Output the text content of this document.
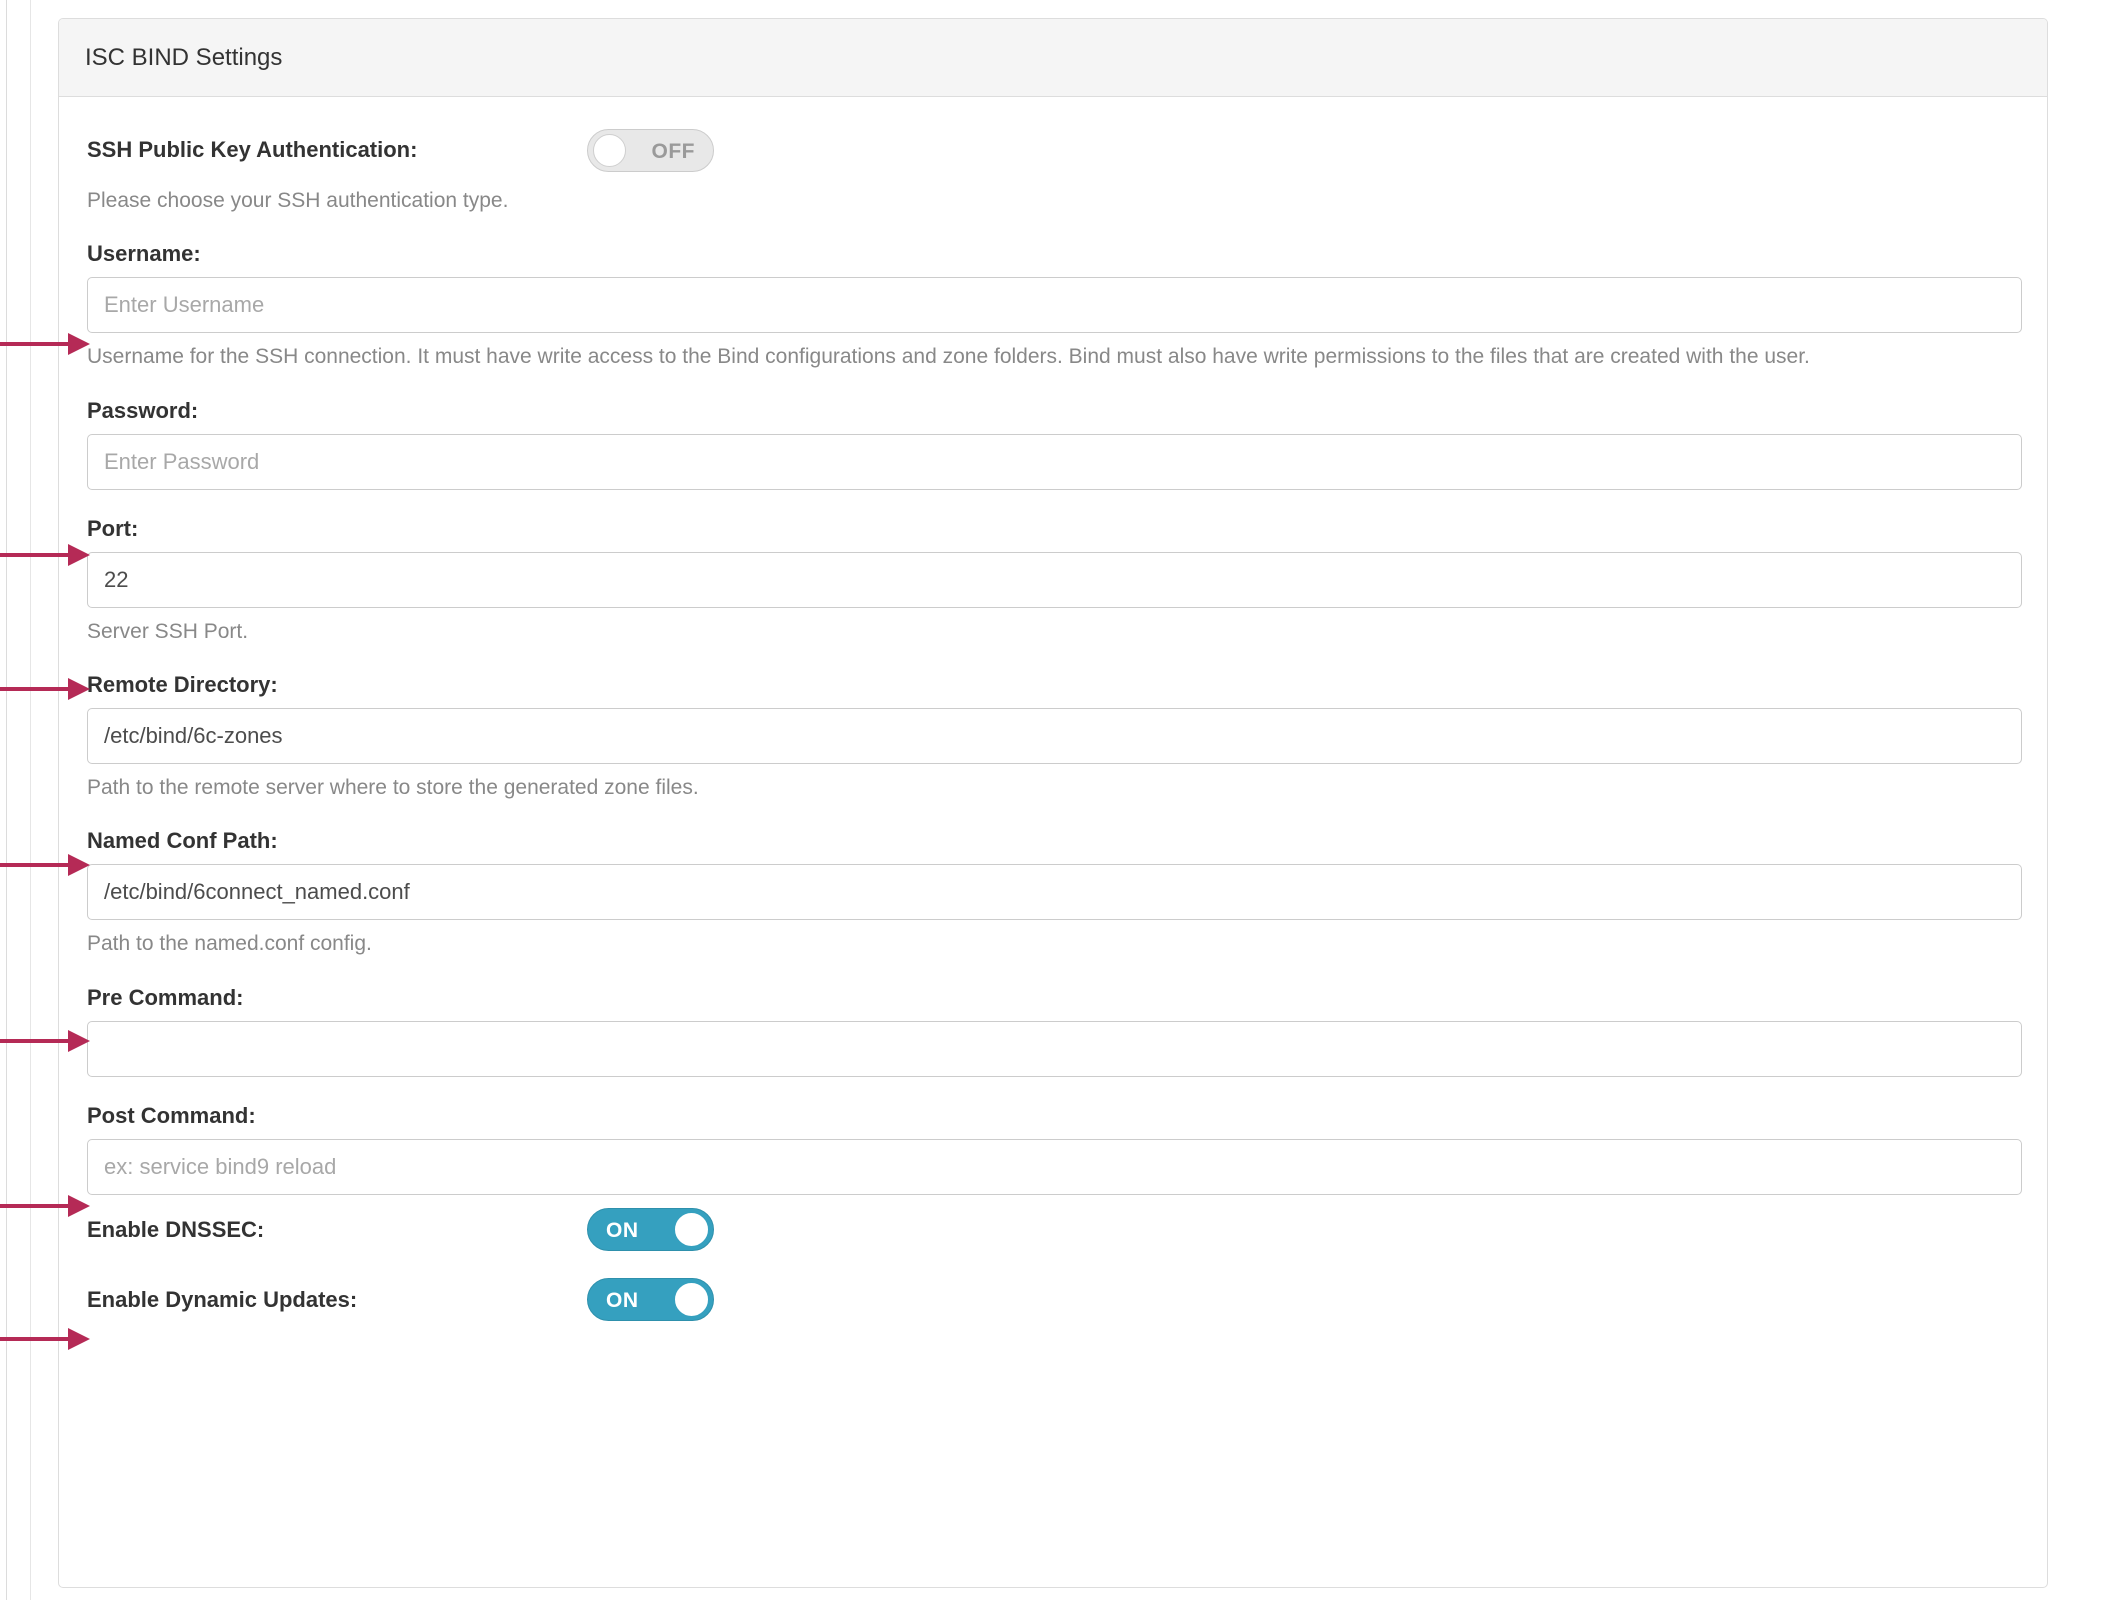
ISC BIND Settings
SSH Public Key Authentication:	OFF

Please choose your SSH authentication type.

Username:
Enter Username

Username for the SSH connection. It must have write access to the Bind configurations and zone folders. Bind must also have write permissions to the files that are created with the user.

Password:
Enter Password
Port:
22

Server SSH Port.

Remote Directory:
/etc/bind/6c-zones

Path to the remote server where to store the generated zone files.

Named Conf Path:
/etc/bind/6connect_named.conf

Path to the named.conf config.

Pre Command:
Post Command:
ex: service bind9 reload
Enable DNSSEC:	ON
Enable Dynamic Updates:	ON
